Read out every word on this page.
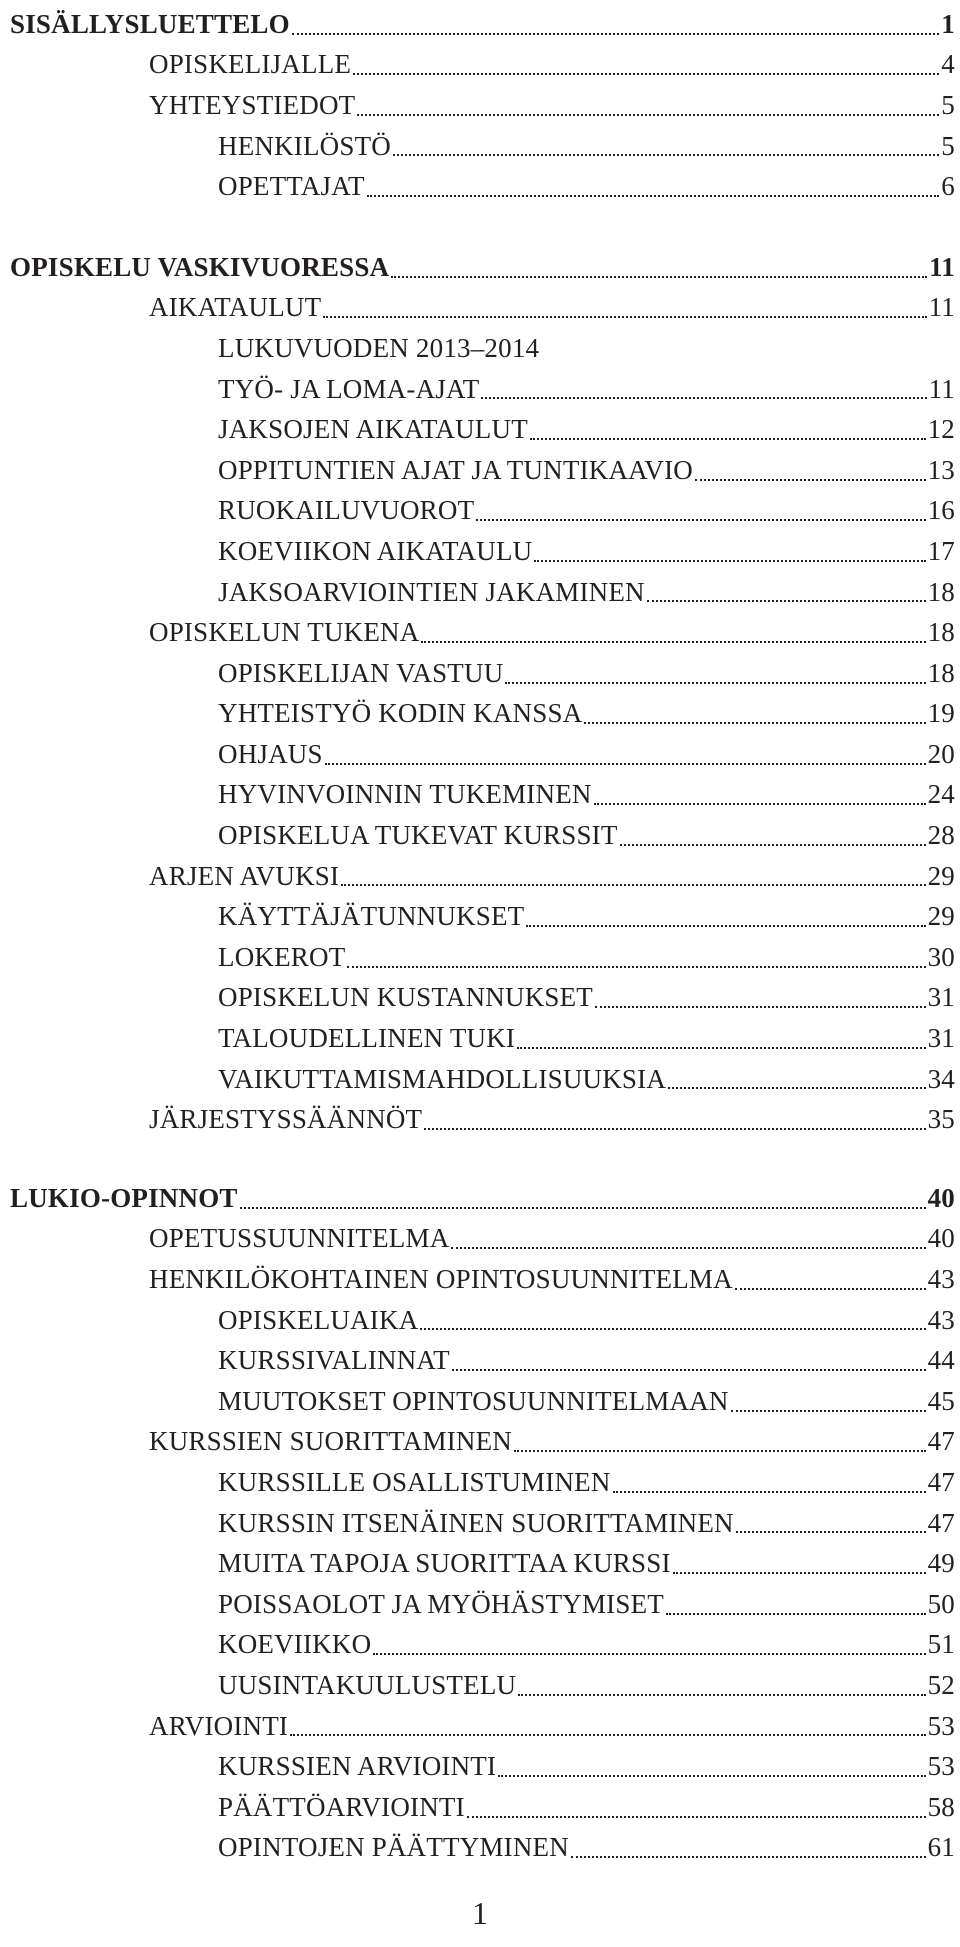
SISÄLLYSLUETTELO	1
OPISKELIJALLE	4
YHTEYSTIEDOT	5
HENKILÖSTÖ	5
OPETTAJAT	6
OPISKELU VASKIVUORESSA	11
AIKATAULUT	11
LUKUVUODEN 2013–2014
TYÖ- JA LOMA-AJAT	11
JAKSOJEN AIKATAULUT	12
OPPITUNTIEN AJAT JA TUNTIKAAVIO	13
RUOKAILUVUOROT	16
KOEVIIKON AIKATAULU	17
JAKSOARVIOINTIEN JAKAMINEN	18
OPISKELUN TUKENA	18
OPISKELIJAN VASTUU	18
YHTEISTYÖ KODIN KANSSA	19
OHJAUS	20
HYVINVOINNIN TUKEMINEN	24
OPISKELUA TUKEVAT KURSSIT	28
ARJEN AVUKSI	29
KÄYTTÄJÄTUNNUKSET	29
LOKEROT	30
OPISKELUN KUSTANNUKSET	31
TALOUDELLINEN TUKI	31
VAIKUTTAMISMAHDOLLISUUKSIA	34
JÄRJESTYSSÄÄNNÖT	35
LUKIO-OPINNOT	40
OPETUSSUUNNITELMA	40
HENKILÖKOHTAINEN OPINTOSUUNNITELMA	43
OPISKELUAIKA	43
KURSSIVALINNAT	44
MUUTOKSET OPINTOSUUNNITELMAAN	45
KURSSIEN SUORITTAMINEN	47
KURSSILLE OSALLISTUMINEN	47
KURSSIN ITSENÄINEN SUORITTAMINEN	47
MUITA TAPOJA SUORITTAA KURSSI	49
POISSAOLOT JA MYÖHÄSTYMISET	50
KOEVIIKKO	51
UUSINTAKUULUSTELU	52
ARVIOINTI	53
KURSSIEN ARVIOINTI	53
PÄÄTTÖARVIOINTI	58
OPINTOJEN PÄÄTTYMINEN	61
1
